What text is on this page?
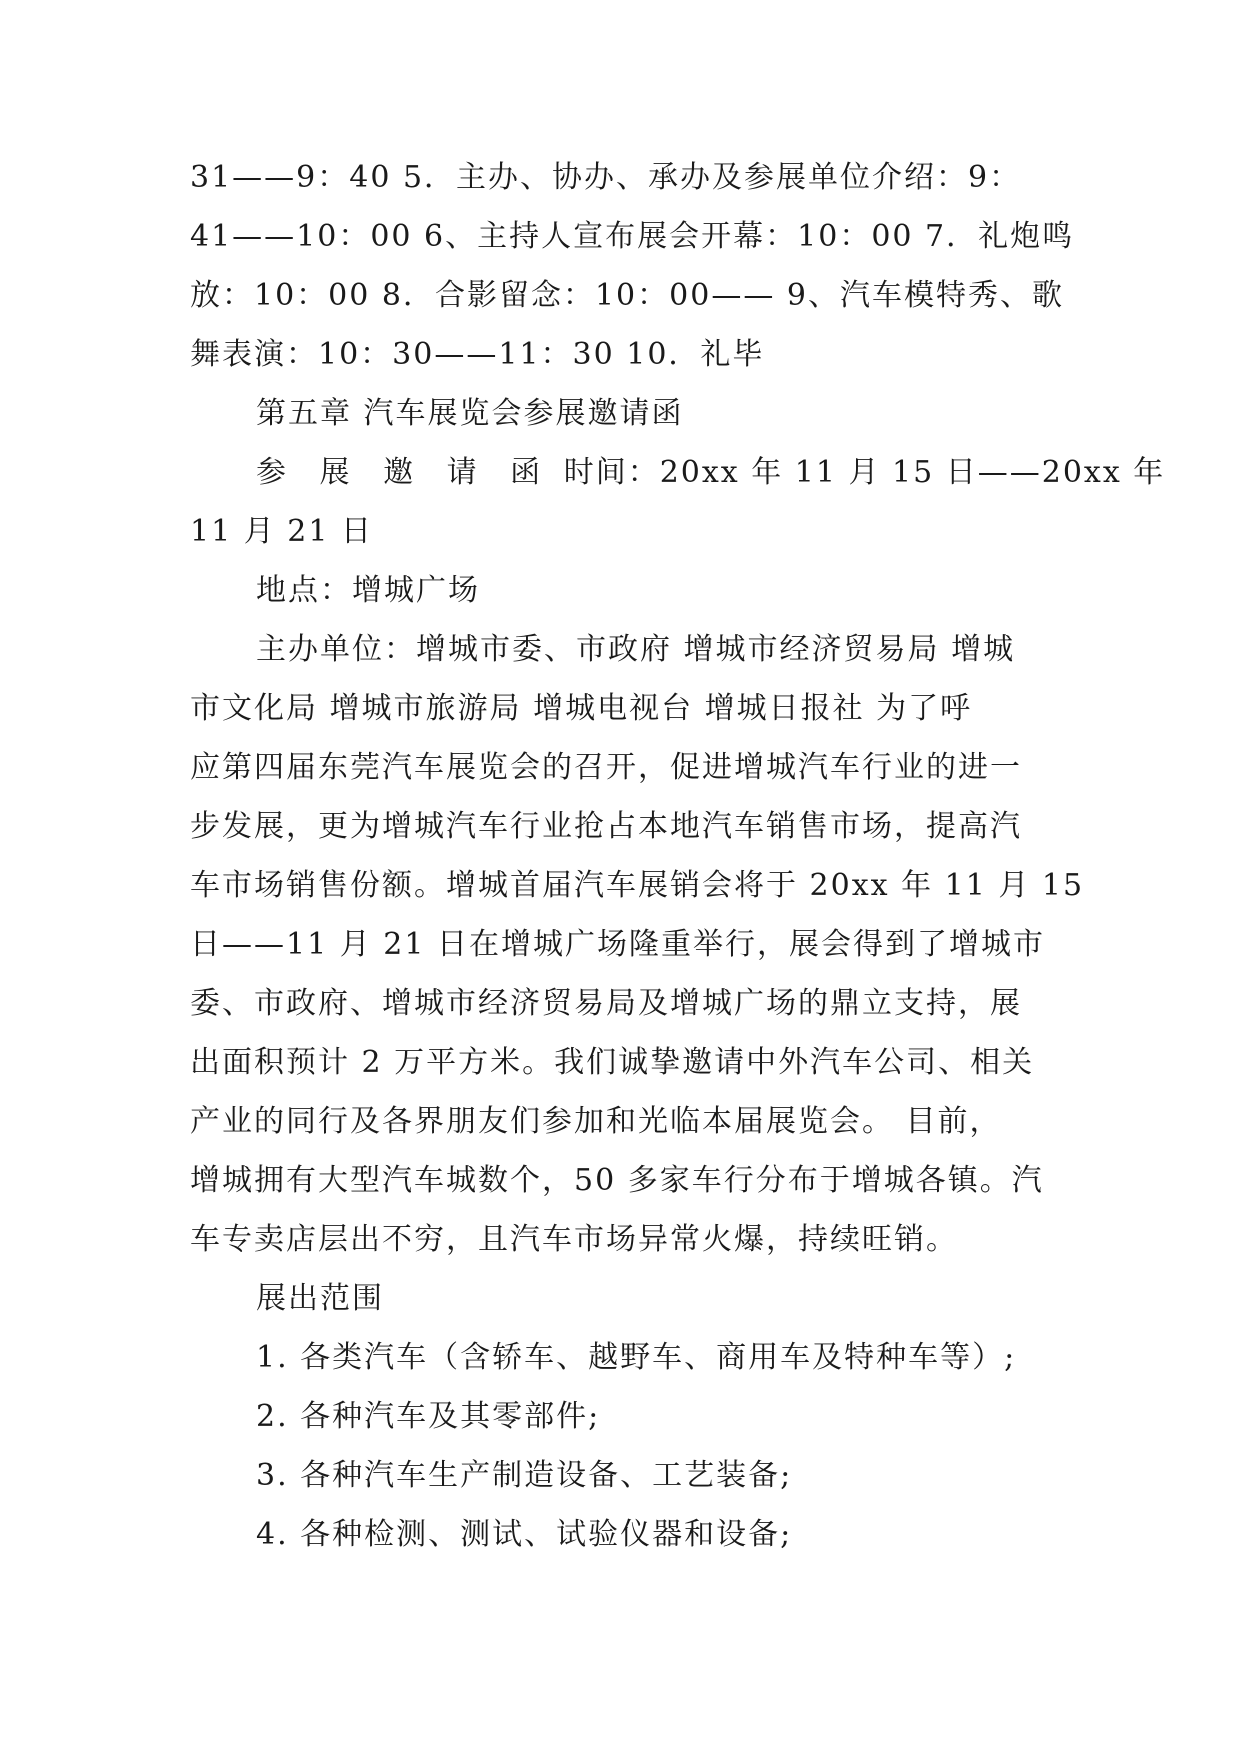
31——9：40 5．主办、协办、承办及参展单位介绍：9：
41——10：00 6、主持人宣布展会开幕：10：00 7．礼炮鸣
放：10：00 8．合影留念：10：00—— 9、汽车模特秀、歌
舞表演：10：30——11：30 10．礼毕
第五章 汽车展览会参展邀请函
参 展 邀 请 函 时间：20xx 年 11 月 15 日——20xx 年
11 月 21 日
地点：增城广场
主办单位：增城市委、市政府 增城市经济贸易局 增城
市文化局 增城市旅游局 增城电视台 增城日报社 为了呼
应第四届东莞汽车展览会的召开，促进增城汽车行业的进一
步发展，更为增城汽车行业抢占本地汽车销售市场，提高汽
车市场销售份额。增城首届汽车展销会将于 20xx 年 11 月 15
日——11 月 21 日在增城广场隆重举行，展会得到了增城市
委、市政府、增城市经济贸易局及增城广场的鼎立支持，展
出面积预计 2 万平方米。我们诚挚邀请中外汽车公司、相关
产业的同行及各界朋友们参加和光临本届展览会。 目前，
增城拥有大型汽车城数个，50 多家车行分布于增城各镇。汽
车专卖店层出不穷，且汽车市场异常火爆，持续旺销。
展出范围
1. 各类汽车（含轿车、越野车、商用车及特种车等）;
2. 各种汽车及其零部件;
3. 各种汽车生产制造设备、工艺装备;
4. 各种检测、测试、试验仪器和设备;
